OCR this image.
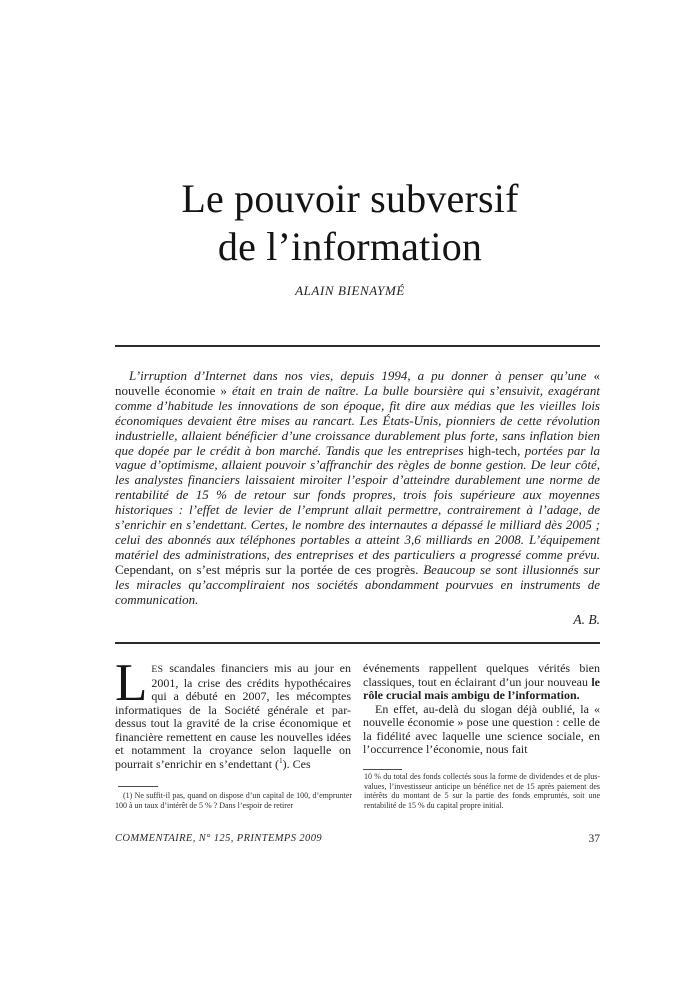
Le pouvoir subversif
de l’information
ALAIN BIENAYMÉ

L’irruption d’Internet dans nos vies, depuis 1994, a pu donner à penser qu’une « nouvelle économie » était en train de naître. La bulle boursière qui s’ensuivit, exagérant comme d’habitude les innovations de son époque, fit dire aux médias que les vieilles lois économiques devaient être mises au rancart. Les États-Unis, pionniers de cette révolution industrielle, allaient bénéficier d’une croissance durablement plus forte, sans inflation bien que dopée par le crédit à bon marché. Tandis que les entreprises high-tech, portées par la vague d’optimisme, allaient pouvoir s’affranchir des règles de bonne gestion. De leur côté, les analystes financiers laissaient miroiter l’espoir d’atteindre durablement une norme de rentabilité de 15 % de retour sur fonds propres, trois fois supérieure aux moyennes historiques : l’effet de levier de l’emprunt allait permettre, contrairement à l’adage, de s’enrichir en s’endettant. Certes, le nombre des internautes a dépassé le milliard dès 2005 ; celui des abonnés aux téléphones portables a atteint 3,6 milliards en 2008. L’équipement matériel des administrations, des entreprises et des particuliers a progressé comme prévu. Cependant, on s’est mépris sur la portée de ces progrès. Beaucoup se sont illusionnés sur les miracles qu’accompliraient nos sociétés abondamment pourvues en instruments de communication.

A. B.

LES scandales financiers mis au jour en 2001, la crise des crédits hypothécaires qui a débuté en 2007, les mécomptes informatiques de la Société générale et par-dessus tout la gravité de la crise économique et financière remettent en cause les nouvelles idées et notamment la croyance selon laquelle on pourrait s’enrichir en s’endettant ($^1$). Ces

événements rappellent quelques vérités bien classiques, tout en éclairant d’un jour nouveau le rôle crucial mais ambigu de l’information.

En effet, au-delà du slogan déjà oublié, la « nouvelle économie » pose une question : celle de la fidélité avec laquelle une science sociale, en l’occurrence l’économie, nous fait

(1) Ne suffit-il pas, quand on dispose d’un capital de 100, d’emprunter 100 à un taux d’intérêt de 5 % ? Dans l’espoir de retirer
10 % du total des fonds collectés sous la forme de dividendes et de plus-values, l’investisseur anticipe un bénéfice net de 15 après paiement des intérêts du montant de 5 sur la partie des fonds empruntés, soit une rentabilité de 15 % du capital propre initial.
COMMENTAIRE, N° 125, PRINTEMPS 2009	37
